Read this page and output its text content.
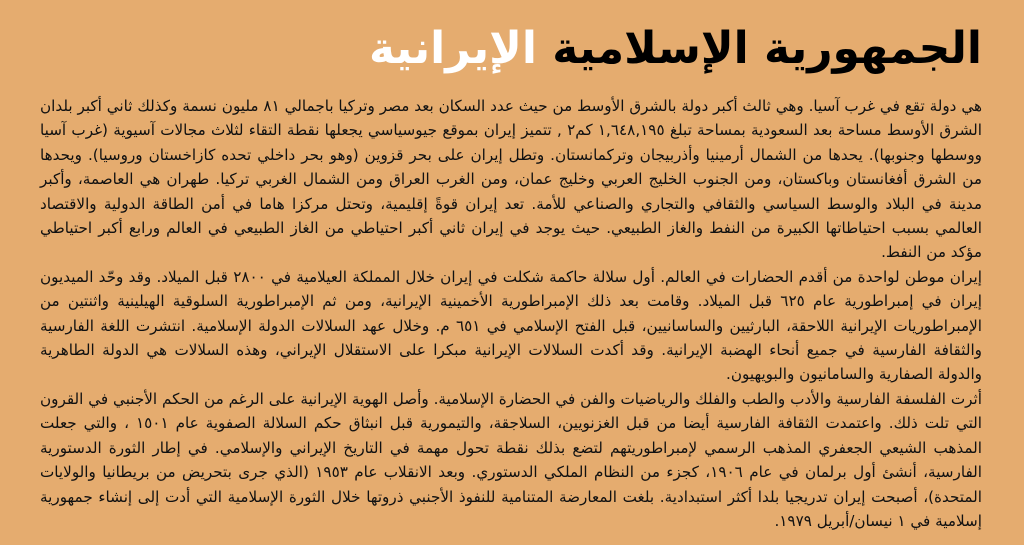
الجمهورية الإسلامية الإيرانية

هي دولة تقع في غرب آسيا. وهي ثالث أكبر دولة بالشرق الأوسط من حيث عدد السكان بعد مصر وتركيا باجمالي ٨١ مليون نسمة وكذلك ثاني أكبر بلدان الشرق الأوسط مساحة بعد السعودية بمساحة تبلغ ١,٦٤٨,١٩٥ كم٢ , تتميز إيران بموقع جيوسياسي يجعلها نقطة التقاء لثلاث مجالات آسيوية (غرب آسيا ووسطها وجنوبها). يحدها من الشمال أرمينيا وأذربيجان وتركمانستان. وتطل إيران على بحر قزوين (وهو بحر داخلي تحده كازاخستان وروسيا). ويحدها من الشرق أفغانستان وباكستان، ومن الجنوب الخليج العربي وخليج عمان، ومن الغرب العراق ومن الشمال الغربي تركيا. طهران هي العاصمة، وأكبر مدينة في البلاد والوسط السياسي والثقافي والتجاري والصناعي للأمة. تعد إيران قوةً إقليمية، وتحتل مركزا هاما في أمن الطاقة الدولية والاقتصاد العالمي بسبب احتياطاتها الكبيرة من النفط والغاز الطبيعي. حيث يوجد في إيران ثاني أكبر احتياطي من الغاز الطبيعي في العالم ورابع أكبر احتياطي مؤكد من النفط.

إيران موطن لواحدة من أقدم الحضارات في العالم. أول سلالة حاكمة شكلت في إيران خلال المملكة العيلامية في ٢٨٠٠ قبل الميلاد. وقد وحّد الميديون إيران في إمبراطورية عام ٦٢٥ قبل الميلاد. وقامت بعد ذلك الإمبراطورية الأخمينية الإيرانية، ومن ثم الإمبراطورية السلوقية الهيلينية واثنتين من الإمبراطوريات الإيرانية اللاحقة، البارثيين والساسانيين، قبل الفتح الإسلامي في ٦٥١ م. وخلال عهد السلالات الدولة الإسلامية. انتشرت اللغة الفارسية والثقافة الفارسية في جميع أنحاء الهضبة الإيرانية. وقد أكدت السلالات الإيرانية مبكرا على الاستقلال الإيراني، وهذه السلالات هي الدولة الطاهرية والدولة الصفارية والسامانيون والبويهيون.

أثرت الفلسفة الفارسية والأدب والطب والفلك والرياضيات والفن في الحضارة الإسلامية. وأصل الهوية الإيرانية على الرغم من الحكم الأجنبي في القرون التي تلت ذلك. واعتمدت الثقافة الفارسية أيضا من قبل الغزنويين، السلاجقة، والتيمورية قبل انبثاق حكم السلالة الصفوية عام ١٥٠١ ، والتي جعلت المذهب الشيعي الجعفري المذهب الرسمي لإمبراطوريتهم لتضع بذلك نقطة تحول مهمة في التاريخ الإيراني والإسلامي. في إطار الثورة الدستورية الفارسية، أنشئ أول برلمان في عام ١٩٠٦، كجزء من النظام الملكي الدستوري. وبعد الانقلاب عام ١٩٥٣ (الذي جرى بتحريض من بريطانيا والولايات المتحدة)، أصبحت إيران تدريجيا بلدا أكثر استبدادية. بلغت المعارضة المتنامية للنفوذ الأجنبي ذروتها خلال الثورة الإسلامية التي أدت إلى إنشاء جمهورية إسلامية في ١ نيسان/أبريل ١٩٧٩.
